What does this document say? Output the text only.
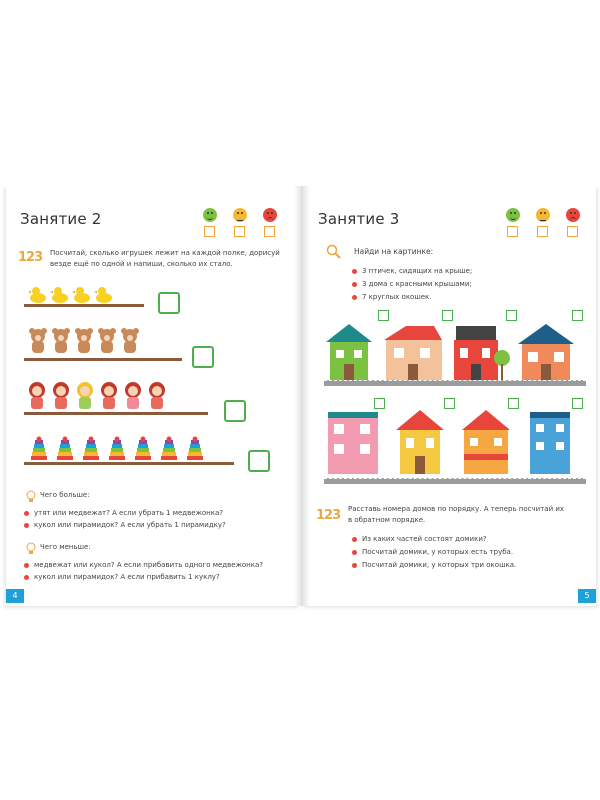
Занятие 2
123 Посчитай, сколько игрушек лежит на каждой полке, дорисуй
везде ещё по одной и напиши, сколько их стало.
Чего больше:
утят или медвежат? А если убрать 1 медвежонка?
кукол или пирамидок? А если убрать 1 пирамидку?
Чего меньше:
медвежат или кукол? А если прибавить одного медвежонка?
кукол или пирамидок? А если прибавить 1 куклу?
4
Занятие 3
Найди на картинке:
3 птичек, сидящих на крыше;
3 дома с красными крышами;
7 круглых окошек.
123 Расставь номера домов по порядку. А теперь посчитай их
в обратном порядке.
Из каких частей состоят домики?
Посчитай домики, у которых есть труба.
Посчитай домики, у которых три окошка.
5
